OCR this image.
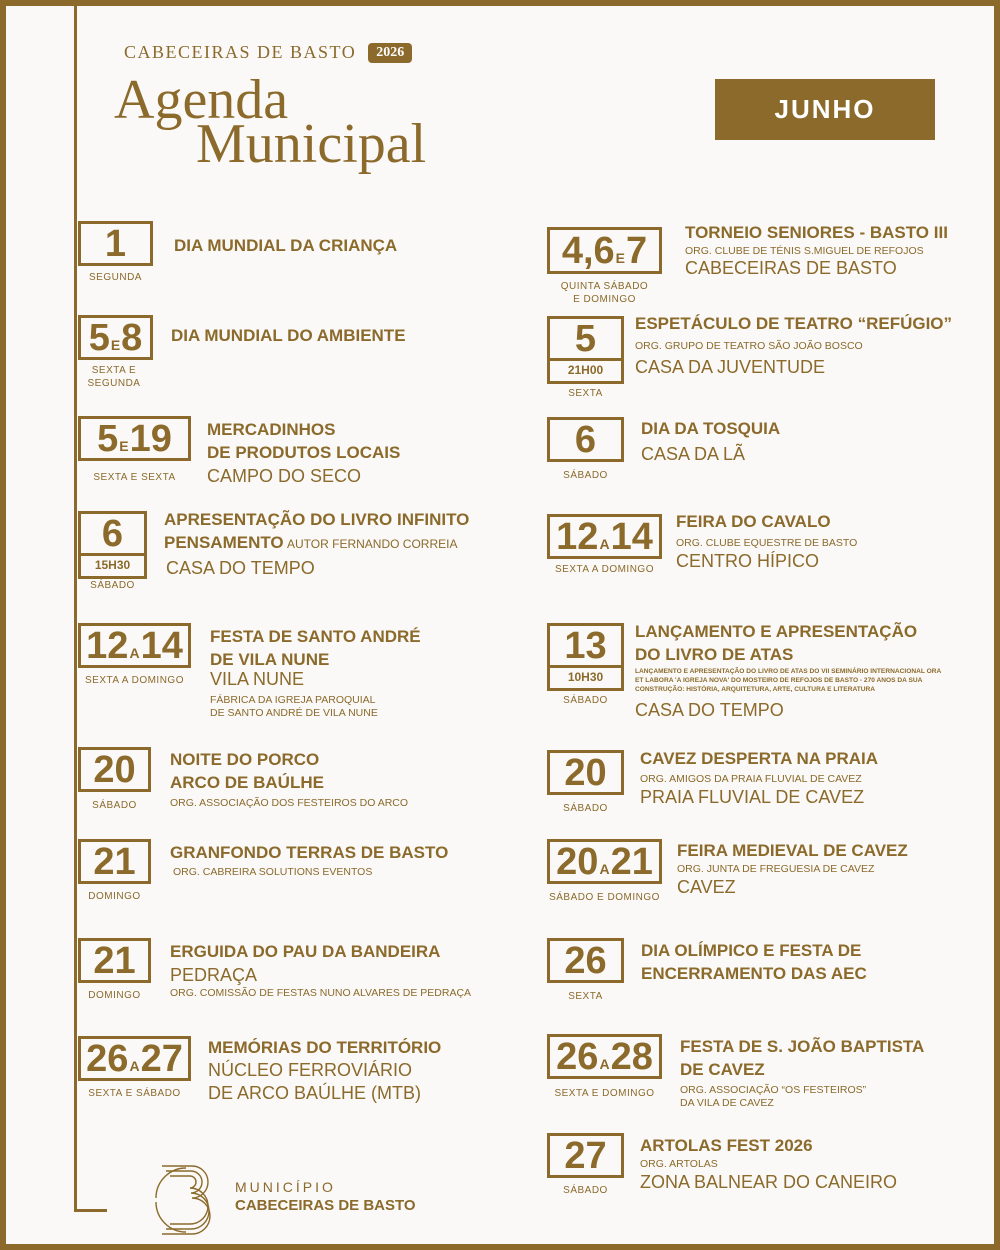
CABECEIRAS DE BASTO	2026
Agenda
Municipal
JUNHO
1
SEGUNDA
DIA MUNDIAL DA CRIANÇA
5 E 8
SEXTA E SEGUNDA
DIA MUNDIAL DO AMBIENTE
5 E 19
SEXTA E SEXTA
MERCADINHOS
DE PRODUTOS LOCAIS
CAMPO DO SECO
6
15H30
SÁBADO
APRESENTAÇÃO DO LIVRO INFINITO
PENSAMENTO AUTOR FERNANDO CORREIA
CASA DO TEMPO
12 A 14
SEXTA A DOMINGO
FESTA DE SANTO ANDRÉ
DE VILA NUNE
VILA NUNE
FÁBRICA DA IGREJA PAROQUIAL
DE SANTO ANDRÉ DE VILA NUNE
20
SÁBADO
NOITE DO PORCO
ARCO DE BAÚLHE
ORG. ASSOCIAÇÃO DOS FESTEIROS DO ARCO
21
DOMINGO
GRANFONDO TERRAS DE BASTO
ORG. CABREIRA SOLUTIONS EVENTOS
21
DOMINGO
ERGUIDA DO PAU DA BANDEIRA
PEDRAÇA
ORG. COMISSÃO DE FESTAS NUNO ALVARES DE PEDRAÇA
26 A 27
SEXTA E SÁBADO
MEMÓRIAS DO TERRITÓRIO
NÚCLEO FERROVIÁRIO
DE ARCO BAÚLHE (MTB)
4,6 E 7
QUINTA SÁBADO
E DOMINGO
TORNEIO SENIORES - BASTO III
ORG. CLUBE DE TÉNIS S.MIGUEL DE REFOJOS
CABECEIRAS DE BASTO
5
21H00
SEXTA
ESPETÁCULO DE TEATRO “REFÚGIO”
ORG. GRUPO DE TEATRO SÃO JOÃO BOSCO
CASA DA JUVENTUDE
6
SÁBADO
DIA DA TOSQUIA
CASA DA LÃ
12 A 14
SEXTA A DOMINGO
FEIRA DO CAVALO
ORG. CLUBE EQUESTRE DE BASTO
CENTRO HÍPICO
13
10H30
SÁBADO
LANÇAMENTO E APRESENTAÇÃO
DO LIVRO DE ATAS
LANÇAMENTO E APRESENTAÇÃO DO LIVRO DE ATAS DO VII SEMINÁRIO INTERNACIONAL ORA ET LABORA 'A IGREJA NOVA' DO MOSTEIRO DE REFOJOS DE BASTO - 270 ANOS DA SUA CONSTRUÇÃO: HISTÓRIA, ARQUITETURA, ARTE, CULTURA E LITERATURA
CASA DO TEMPO
20
SÁBADO
CAVEZ DESPERTA NA PRAIA
ORG. AMIGOS DA PRAIA FLUVIAL DE CAVEZ
PRAIA FLUVIAL DE CAVEZ
20 A 21
SÁBADO E DOMINGO
FEIRA MEDIEVAL DE CAVEZ
ORG. JUNTA DE FREGUESIA DE CAVEZ
CAVEZ
26
SEXTA
DIA OLÍMPICO E FESTA DE
ENCERRAMENTO DAS AEC
26 A 28
SEXTA E DOMINGO
FESTA DE S. JOÃO BAPTISTA
DE CAVEZ
ORG. ASSOCIAÇÃO “OS FESTEIROS”
DA VILA DE CAVEZ
27
SÁBADO
ARTOLAS FEST 2026
ORG. ARTOLAS
ZONA BALNEAR DO CANEIRO
MUNICÍPIO
CABECEIRAS DE BASTO
